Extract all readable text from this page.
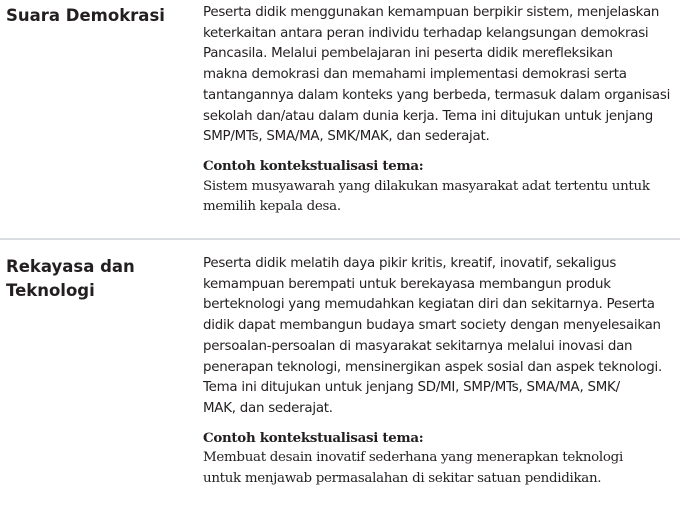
Suara Demokrasi	Peserta didik menggunakan kemampuan berpikir sistem, menjelaskan
keterkaitan antara peran individu terhadap kelangsungan demokrasi
Pancasila. Melalui pembelajaran ini peserta didik merefleksikan
makna demokrasi dan memahami implementasi demokrasi serta
tantangannya dalam konteks yang berbeda, termasuk dalam organisasi
sekolah dan/atau dalam dunia kerja. Tema ini ditujukan untuk jenjang
SMP/MTs, SMA/MA, SMK/MAK, dan sederajat.
Contoh kontekstualisasi tema:
Sistem musyawarah yang dilakukan masyarakat adat tertentu untuk
memilih kepala desa.
Rekayasa dan
Teknologi
Peserta didik melatih daya pikir kritis, kreatif, inovatif, sekaligus
kemampuan berempati untuk berekayasa membangun produk
berteknologi yang memudahkan kegiatan diri dan sekitarnya. Peserta
didik dapat membangun budaya smart society dengan menyelesaikan
persoalan-persoalan di masyarakat sekitarnya melalui inovasi dan
penerapan teknologi, mensinergikan aspek sosial dan aspek teknologi.
Tema ini ditujukan untuk jenjang SD/MI, SMP/MTs, SMA/MA, SMK/
MAK, dan sederajat.
Contoh kontekstualisasi tema:
Membuat desain inovatif sederhana yang menerapkan teknologi
untuk menjawab permasalahan di sekitar satuan pendidikan.
